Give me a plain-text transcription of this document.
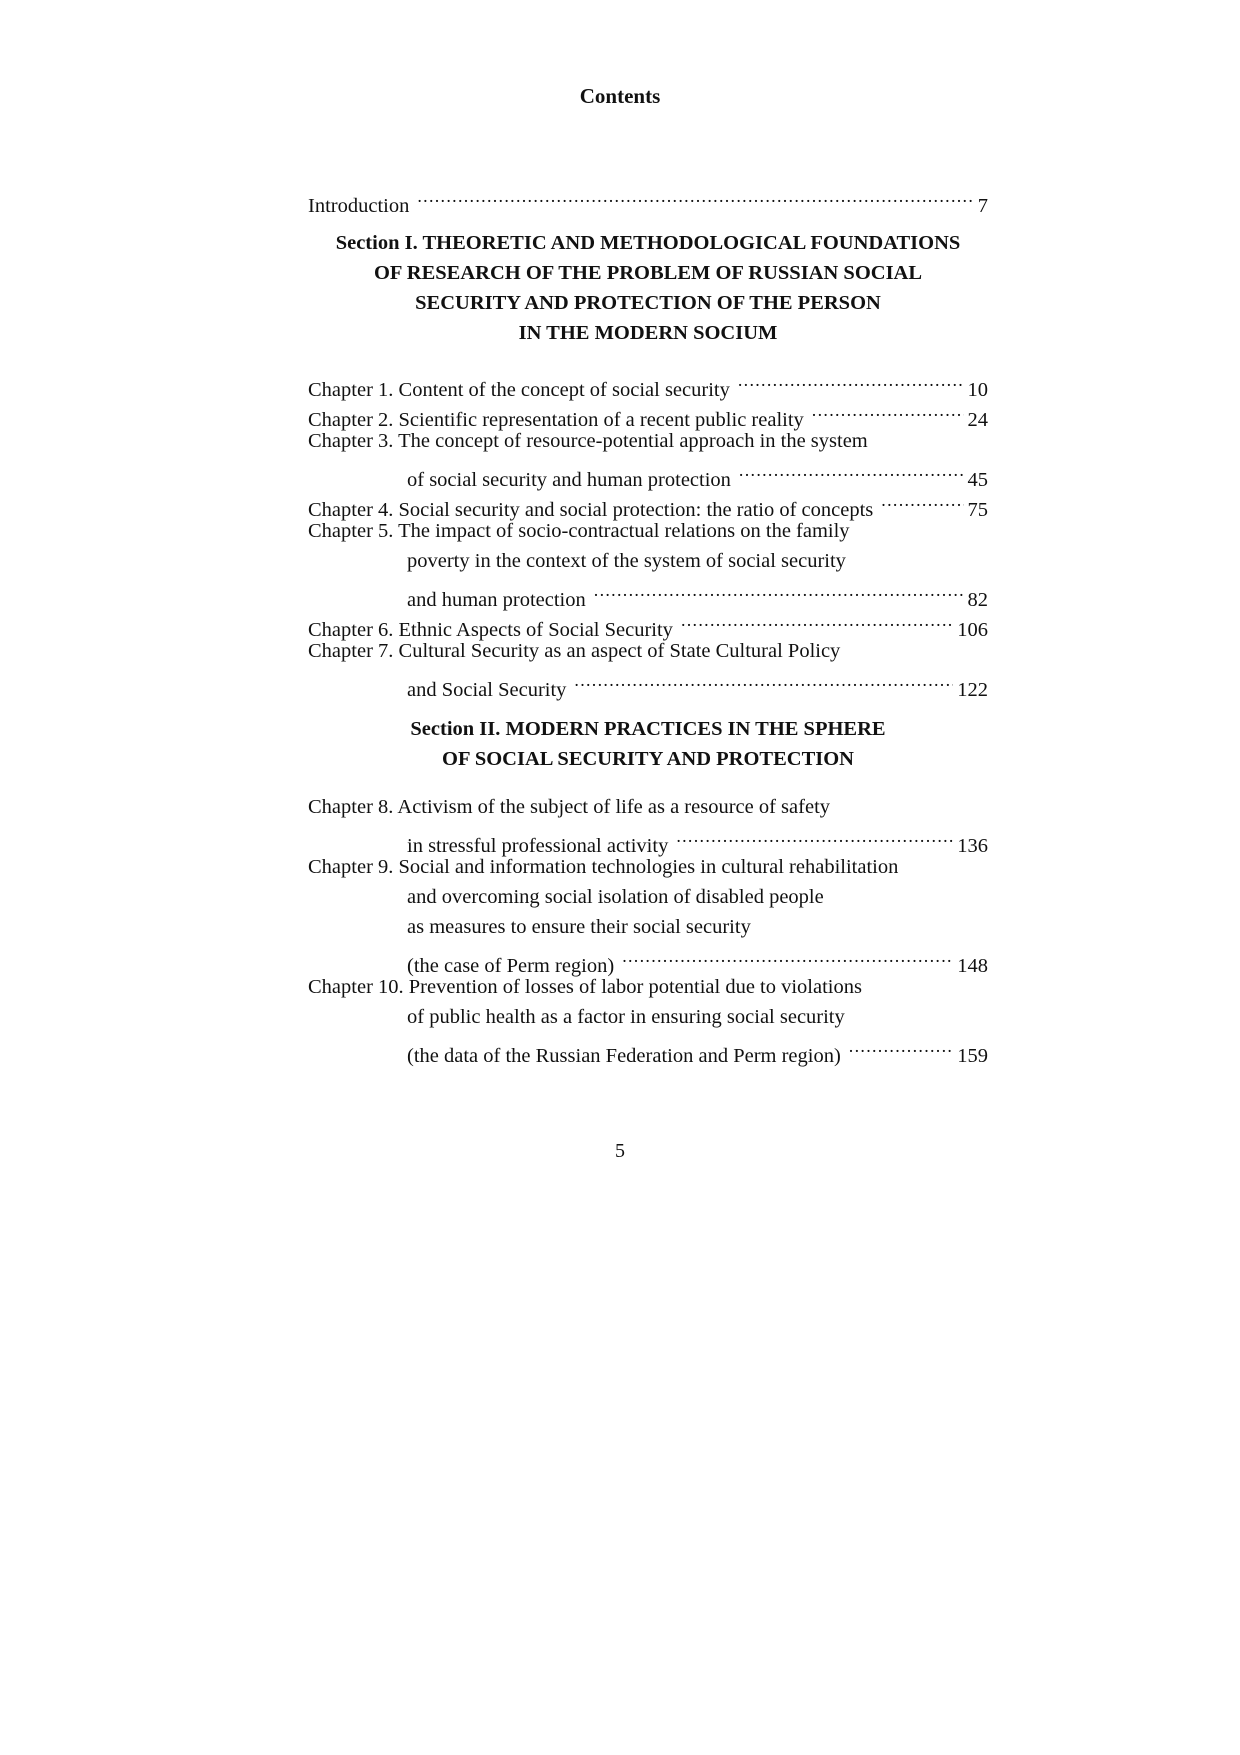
Contents
Introduction . . .	7
Section I. THEORETIC AND METHODOLOGICAL FOUNDATIONS
OF RESEARCH OF THE PROBLEM OF RUSSIAN SOCIAL
SECURITY AND PROTECTION OF THE PERSON
IN THE MODERN SOCIUM
Chapter 1. Content of the concept of social security . . .	10
Chapter 2. Scientific representation of a recent public reality . . .	24
Chapter 3. The concept of resource-potential approach in the system
of social security and human protection . . .	45
Chapter 4. Social security and social protection: the ratio of concepts . . .	75
Chapter 5. The impact of socio-contractual relations on the family
poverty in the context of the system of social security
and human protection . . .	82
Chapter 6. Ethnic Aspects of Social Security . . .	106
Chapter 7. Cultural Security as an aspect of State Cultural Policy
and Social Security . . .	122
Section II. MODERN PRACTICES IN THE SPHERE
OF SOCIAL SECURITY AND PROTECTION
Chapter 8. Activism of the subject of life as a resource of safety
in stressful professional activity . . .	136
Chapter 9. Social and information technologies in cultural rehabilitation
and overcoming social isolation of disabled people
as measures to ensure their social security
(the case of Perm region) . . .	148
Chapter 10. Prevention of losses of labor potential due to violations
of public health as a factor in ensuring social security
(the data of the Russian Federation and Perm region) . . .	159
5
